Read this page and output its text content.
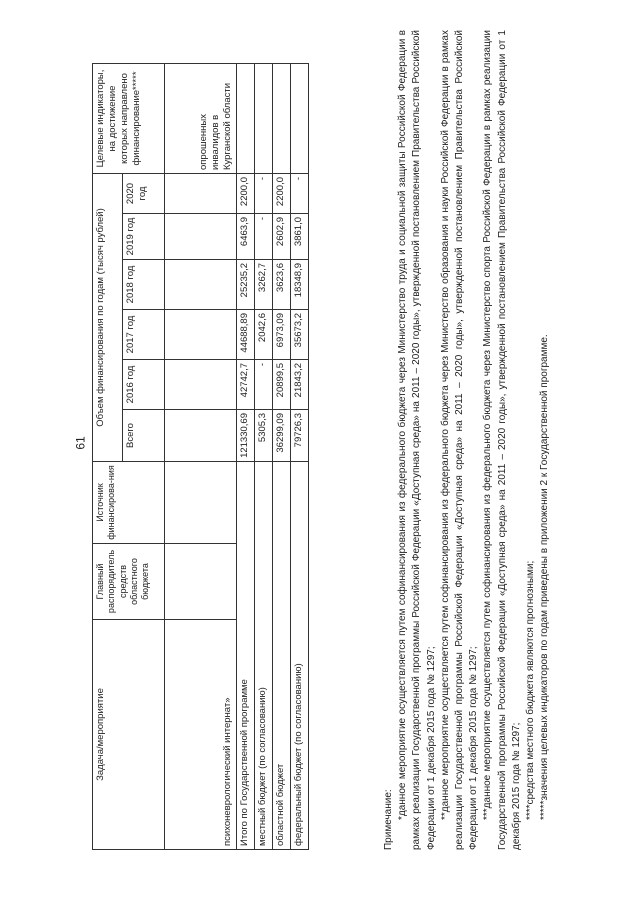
61
Задача/мероприятие	Главный распорядитель средств областного бюджета	Источник финансирова-ния	Объем финансирования по годам (тысяч рублей)						Целевые индикаторы, на достижение которых направлено финансирование*****
			Всего	2016 год	2017 год	2018 год	2019 год	2020 год	
психоневрологический интернат»									опрошенных инвалидов в Курганской области
Итого по Государственной программе			121330,69	42742,7	44688,89	25235,2	6463,9	2200,0	
местный бюджет (по согласованию)			5305,3	-	2042,6	3262,7	-	-	
областной бюджет			36299,09	20899,5	6973,09	3623,6	2602,9	2200,0	
федеральный бюджет (по согласованию)			79726,3	21843,2	35673,2	18348,9	3861,0	-	

Примечание: *данное мероприятие осуществляется путем софинансирования из федерального бюджета через Министерство труда и социальной защиты Российской Федерации в рамках реализации Государственной программы Российской Федерации «Доступная среда» на 2011 – 2020 годы», утвержденной постановлением Правительства Российской Федерации от 1 декабря 2015 года № 1297; **данное мероприятие осуществляется путем софинансирования из федерального бюджета через Министерство образования и науки Российской Федерации в рамках реализации Государственной программы Российской Федерации «Доступная среда» на 2011 – 2020 годы», утвержденной постановлением Правительства Российской Федерации от 1 декабря 2015 года № 1297; ***данное мероприятие осуществляется путем софинансирования из федерального бюджета через Министерство спорта Российской Федерации в рамках реализации Государственной программы Российской Федерации «Доступная среда» на 2011 – 2020 годы», утвержденной постановлением Правительства Российской Федерации от 1 декабря 2015 года № 1297; ****средства местного бюджета являются прогнозными; *****значения целевых индикаторов по годам приведены в приложении 2 к Государственной программе.
